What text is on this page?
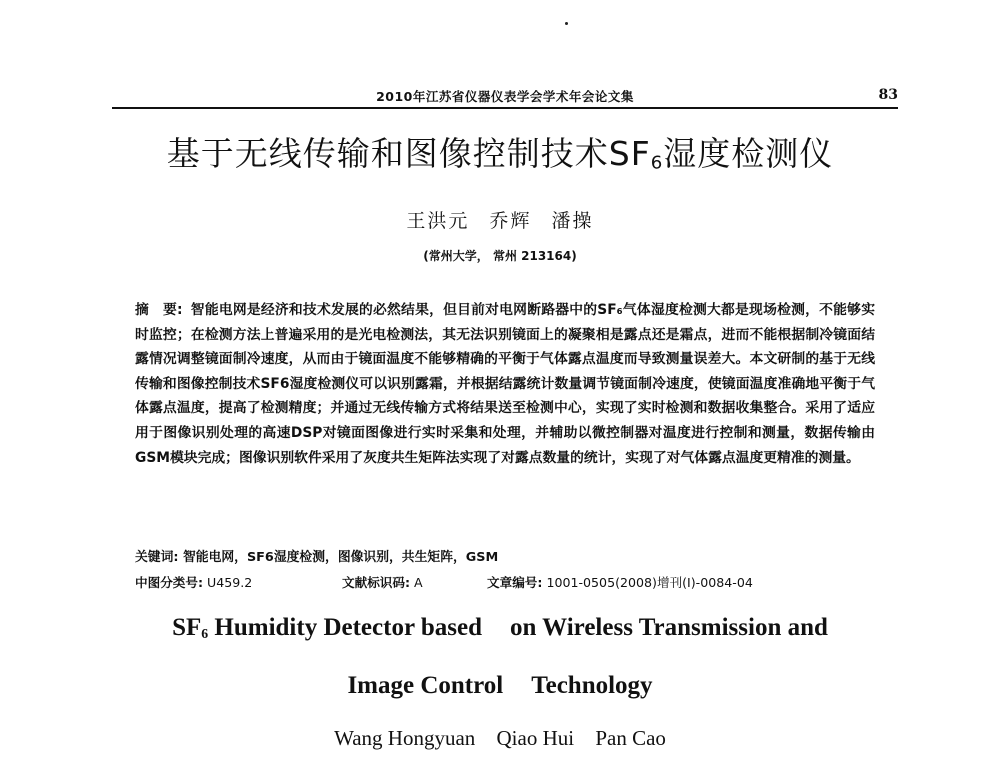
2010年江苏省仪器仪表学会学术年会论文集	83
基于无线传输和图像控制技术$SF_6$湿度检测仪
王洪元 乔辉 潘操
(常州大学， 常州 213164)
摘　要: 智能电网是经济和技术发展的必然结果，但目前对电网断路器中的SF₆气体湿度检测大都是现场检测，不能够实时监控；在检测方法上普遍采用的是光电检测法，其无法识别镜面上的凝聚相是露点还是霜点，进而不能根据制冷镜面结露情况调整镜面制冷速度，从而由于镜面温度不能够精确的平衡于气体露点温度而导致测量误差大。本文研制的基于无线传输和图像控制技术SF6湿度检测仪可以识别露霜，并根据结露统计数量调节镜面制冷速度，使镜面温度准确地平衡于气体露点温度，提高了检测精度；并通过无线传输方式将结果送至检测中心，实现了实时检测和数据收集整合。采用了适应用于图像识别处理的高速DSP对镜面图像进行实时采集和处理，并辅助以微控制器对温度进行控制和测量，数据传输由GSM模块完成；图像识别软件采用了灰度共生矩阵法实现了对露点数量的统计，实现了对气体露点温度更精准的测量。
关键词: 智能电网，SF6湿度检测，图像识别，共生矩阵，GSM
中图分类号: U459.2	文献标识码: A	文章编号: 1001-0505(2008)增刊(I)-0084-04
$SF_6$ Humidity Detector based on Wireless Transmission and
Image Control Technology
Wang Hongyuan Qiao Hui Pan Cao
